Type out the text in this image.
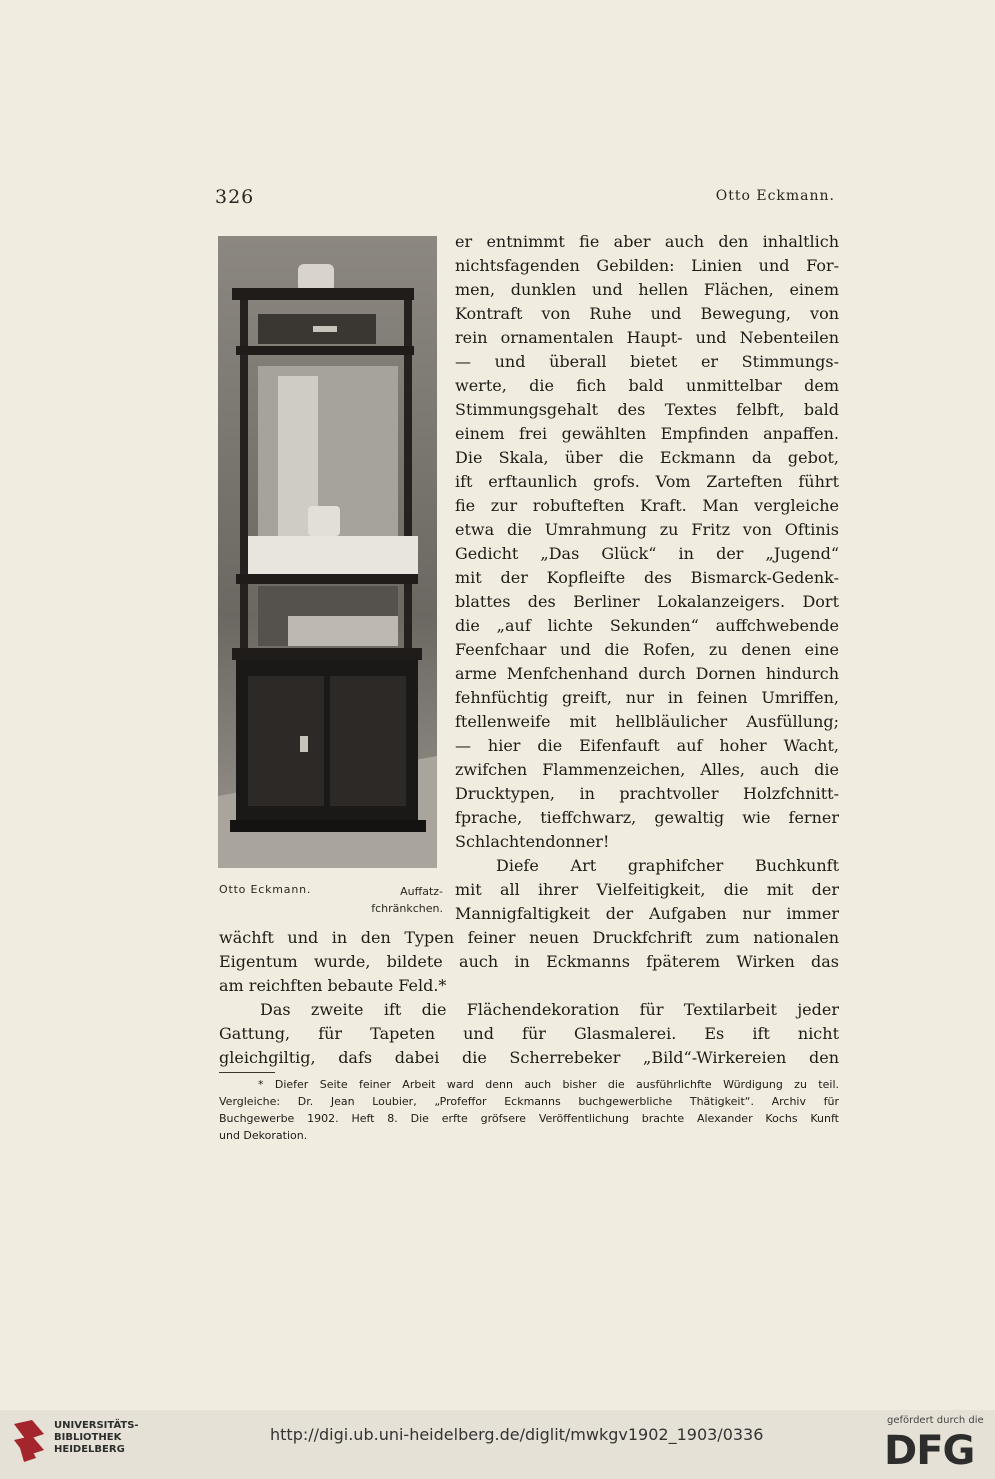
326	Otto Eckmann.
Otto Eckmann.	Auffatz-
fchränkchen.
er entnimmt fie aber auch den inhaltlich
nichtsfagenden Gebilden: Linien und For-
men, dunklen und hellen Flächen, einem
Kontraft von Ruhe und Bewegung, von
rein ornamentalen Haupt- und Nebenteilen
— und überall bietet er Stimmungs-
werte, die fich bald unmittelbar dem
Stimmungsgehalt des Textes felbft, bald
einem frei gewählten Empfinden anpaffen.
Die Skala, über die Eckmann da gebot,
ift erftaunlich grofs. Vom Zarteften führt
fie zur robufteften Kraft. Man vergleiche
etwa die Umrahmung zu Fritz von Oftinis
Gedicht „Das Glück“ in der „Jugend“
mit der Kopfleifte des Bismarck-Gedenk-
blattes des Berliner Lokalanzeigers. Dort
die „auf lichte Sekunden“ auffchwebende
Feenfchaar und die Rofen, zu denen eine
arme Menfchenhand durch Dornen hindurch
fehnfüchtig greift, nur in feinen Umriffen,
ftellenweife mit hellbläulicher Ausfüllung;
— hier die Eifenfauft auf hoher Wacht,
zwifchen Flammenzeichen, Alles, auch die
Drucktypen, in prachtvoller Holzfchnitt-
fprache, tieffchwarz, gewaltig wie ferner
Schlachtendonner!
Diefe Art graphifcher Buchkunft
mit all ihrer Vielfeitigkeit, die mit der
Mannigfaltigkeit der Aufgaben nur immer
wächft und in den Typen feiner neuen Druckfchrift zum nationalen
Eigentum wurde, bildete auch in Eckmanns fpäterem Wirken das
am reichften bebaute Feld.*
Das zweite ift die Flächendekoration für Textilarbeit jeder
Gattung, für Tapeten und für Glasmalerei. Es ift nicht
gleichgiltig, dafs dabei die Scherrebeker „Bild“-Wirkereien den
* Diefer Seite feiner Arbeit ward denn auch bisher die ausführlichfte Würdigung zu teil.
Vergleiche: Dr. Jean Loubier, „Profeffor Eckmanns buchgewerbliche Thätigkeit“. Archiv für
Buchgewerbe 1902. Heft 8. Die erfte gröfsere Veröffentlichung brachte Alexander Kochs Kunft
und Dekoration.
UNIVERSITÄTS-
BIBLIOTHEK
HEIDELBERG
http://digi.ub.uni-heidelberg.de/diglit/mwkgv1902_1903/0336
gefördert durch die
DFG
